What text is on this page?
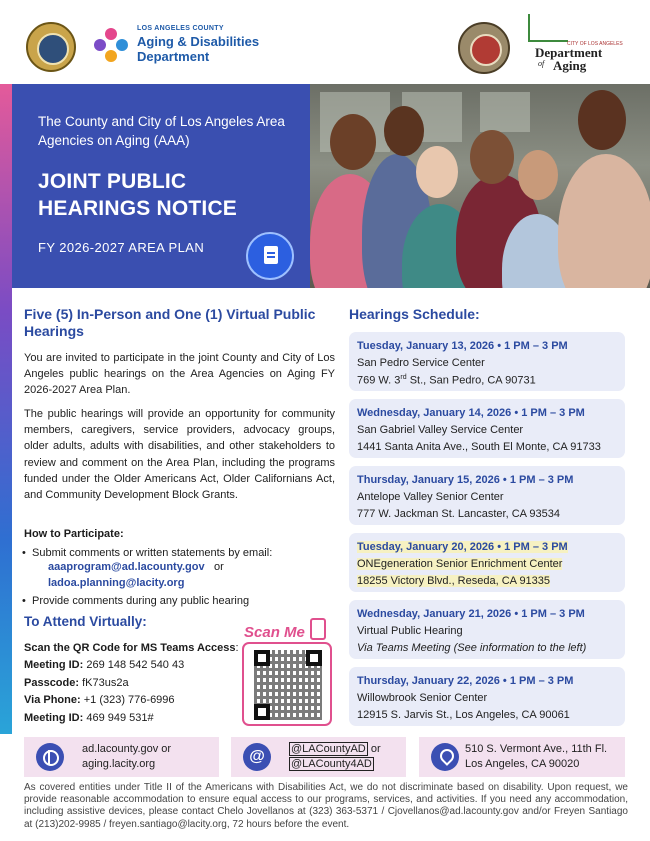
LOS ANGELES COUNTY
Aging & Disabilities
Department
CITY OF LOS ANGELES
Department
of Aging
The County and City of Los Angeles Area Agencies on Aging (AAA)
JOINT PUBLIC HEARINGS NOTICE
FY 2026-2027 AREA PLAN
Five (5) In-Person and One (1) Virtual Public Hearings

You are invited to participate in the joint County and City of Los Angeles public hearings on the Area Agencies on Aging FY 2026-2027 Area Plan.

The public hearings will provide an opportunity for community members, caregivers, service providers, advocacy groups, older adults, adults with disabilities, and other stakeholders to review and comment on the Area Plan, including the programs funded under the Older Americans Act, Older Californians Act, and Community Development Block Grants.

How to Participate:
• Submit comments or written statements by email:
aaaprogram@ad.lacounty.gov or
ladoa.planning@lacity.org
• Provide comments during any public hearing
To Attend Virtually:
Scan the QR Code for MS Teams Access:
Meeting ID: 269 148 542 540 43
Passcode: fK73us2a
Via Phone: +1 (323) 776-6996
Meeting ID: 469 949 531#
Scan Me
Hearings Schedule:
Tuesday, January 13, 2026 • 1 PM – 3 PM
San Pedro Service Center
769 W. 3rd St., San Pedro, CA 90731
Wednesday, January 14, 2026 • 1 PM – 3 PM
San Gabriel Valley Service Center
1441 Santa Anita Ave., South El Monte, CA 91733
Thursday, January 15, 2026 • 1 PM – 3 PM
Antelope Valley Senior Center
777 W. Jackman St. Lancaster, CA 93534
Tuesday, January 20, 2026 • 1 PM – 3 PM
ONEgeneration Senior Enrichment Center
18255 Victory Blvd., Reseda, CA 91335
Wednesday, January 21, 2026 • 1 PM – 3 PM
Virtual Public Hearing
Via Teams Meeting (See information to the left)
Thursday, January 22, 2026 • 1 PM – 3 PM
Willowbrook Senior Center
12915 S. Jarvis St., Los Angeles, CA 90061
ad.lacounty.gov or
aging.lacity.org	@	@LACountyAD or
@LACounty4AD
510 S. Vermont Ave., 11th Fl.
Los Angeles, CA 90020

As covered entities under Title II of the Americans with Disabilities Act, we do not discriminate based on disability. Upon request, we provide reasonable accommodation to ensure equal access to our programs, services, and activities. If you need any accommodation, including assistive devices, please contact Chelo Jovellanos at (323) 363-5371 / Cjovellanos@ad.lacounty.gov and/or Freyen Santiago at (213)202-9985 / freyen.santiago@lacity.org, 72 hours before the event.
